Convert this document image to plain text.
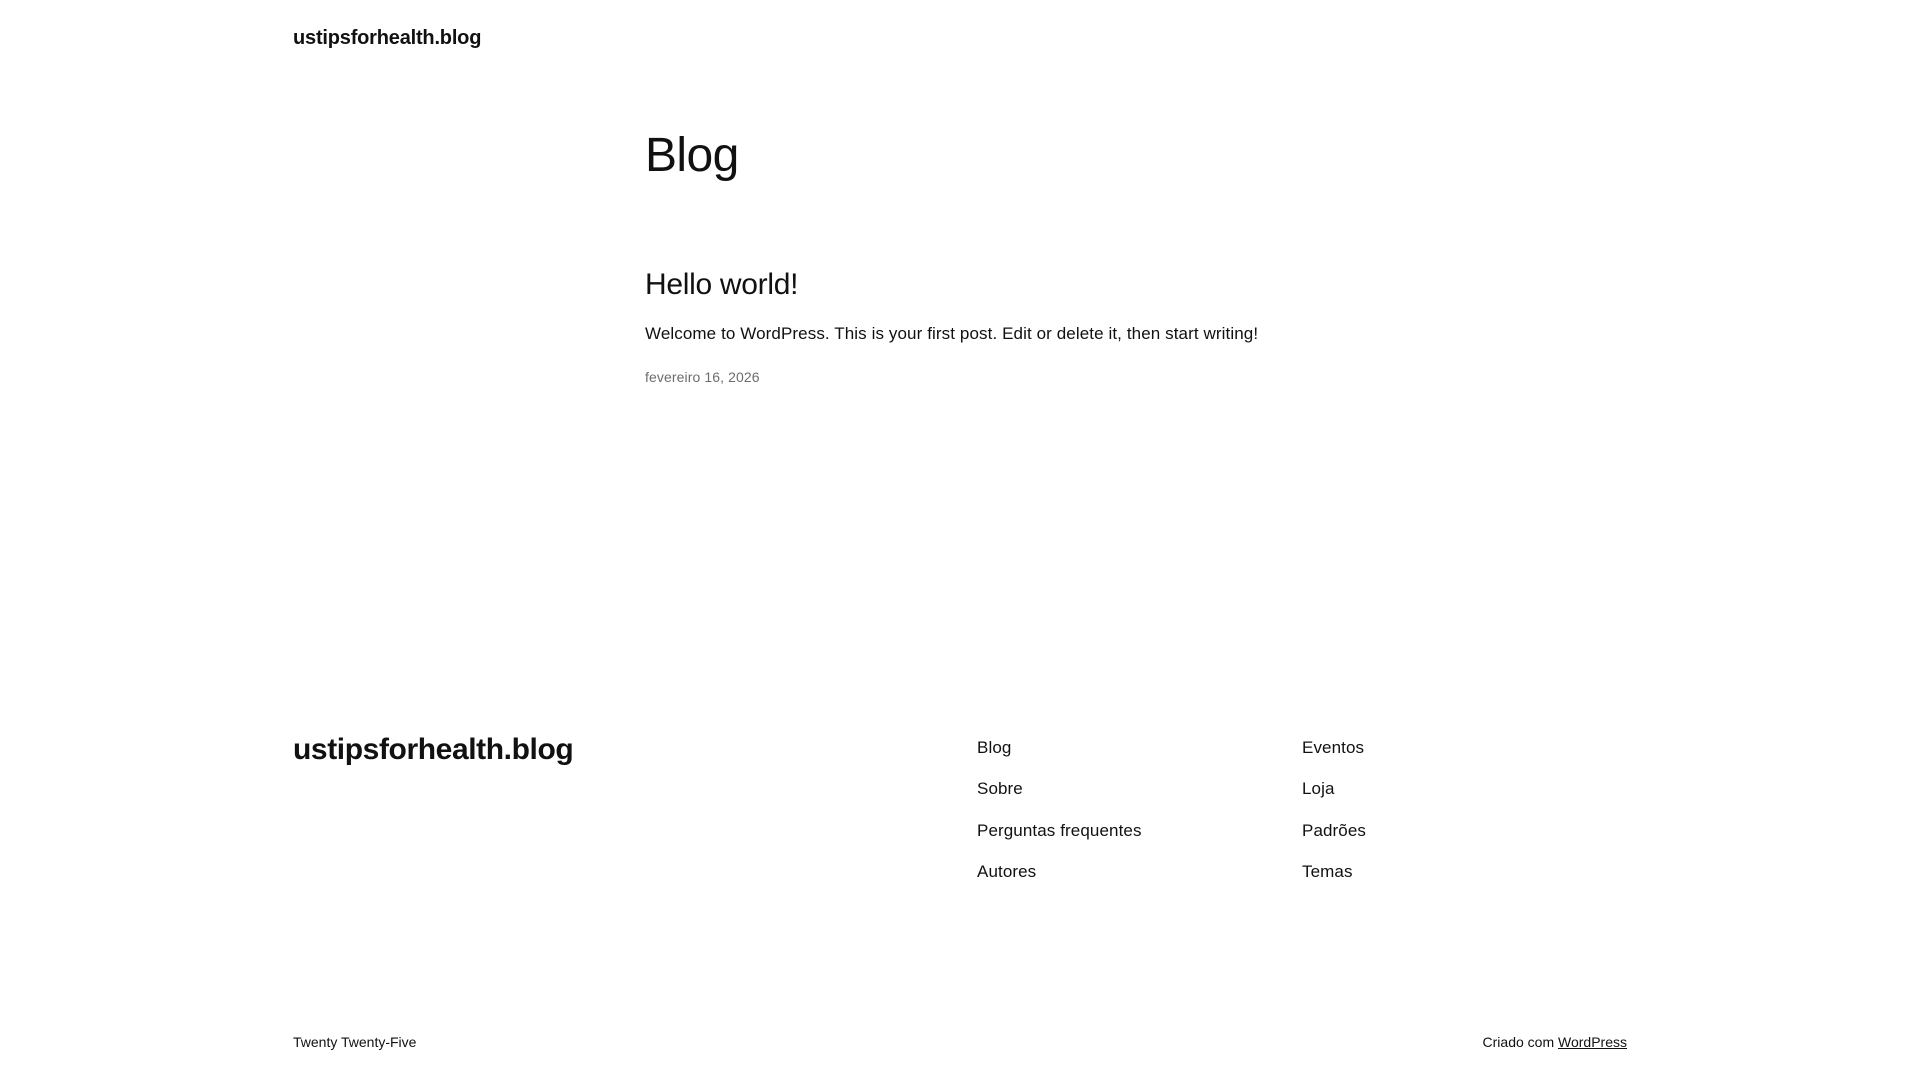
ustipsforhealth.blog
Blog
Hello world!

Welcome to WordPress. This is your first post. Edit or delete it, then start writing!

fevereiro 16, 2026

ustipsforhealth.blog	Blog
Sobre
Perguntas frequentes
Autores
Eventos
Loja
Padrões
Temas
Twenty Twenty-Five	Criado com WordPress
